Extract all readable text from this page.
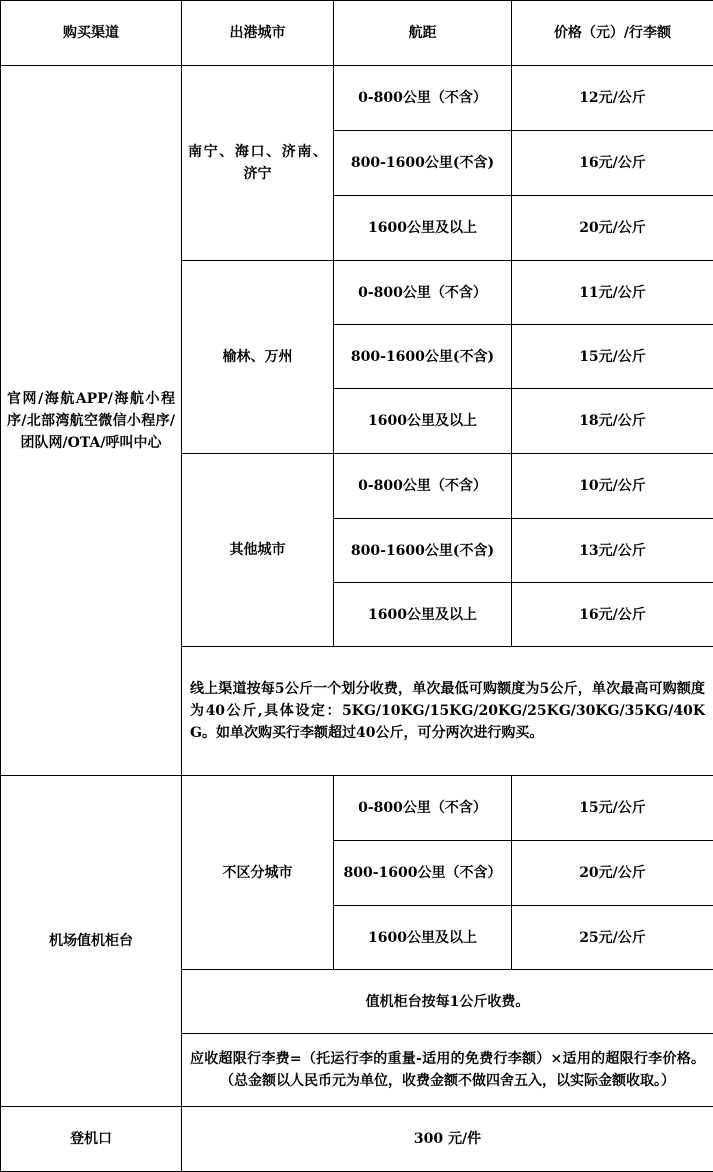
购买渠道	出港城市	航距	价格（元）/行李额
官网/海航APP/海航小程序/北部湾航空微信小程序/团队网/OTA/呼叫中心	南宁、海口、济南、济宁	0-800公里（不含）	12元/公斤
		800-1600公里(不含)	16元/公斤
		1600公里及以上	20元/公斤
	榆林、万州	0-800公里（不含）	11元/公斤
		800-1600公里(不含)	15元/公斤
		1600公里及以上	18元/公斤
	其他城市	0-800公里（不含）	10元/公斤
		800-1600公里(不含)	13元/公斤
		1600公里及以上	16元/公斤
	线上渠道按每5公斤一个划分收费，单次最低可购额度为5公斤，单次最高可购额度为40公斤,具体设定：5KG/10KG/15KG/20KG/25KG/30KG/35KG/40KG。如单次购买行李额超过40公斤，可分两次进行购买。		

机场值机柜台	不区分城市	0-800公里（不含）	15元/公斤
		800-1600公里（不含）	20元/公斤
		1600公里及以上	25元/公斤
	值机柜台按每1公斤收费。		
	应收超限行李费=（托运行李的重量-适用的免费行李额）×适用的超限行李价格。（总金额以人民币元为单位，收费金额不做四舍五入，以实际金额收取。）		
登机口	300 元/件		
